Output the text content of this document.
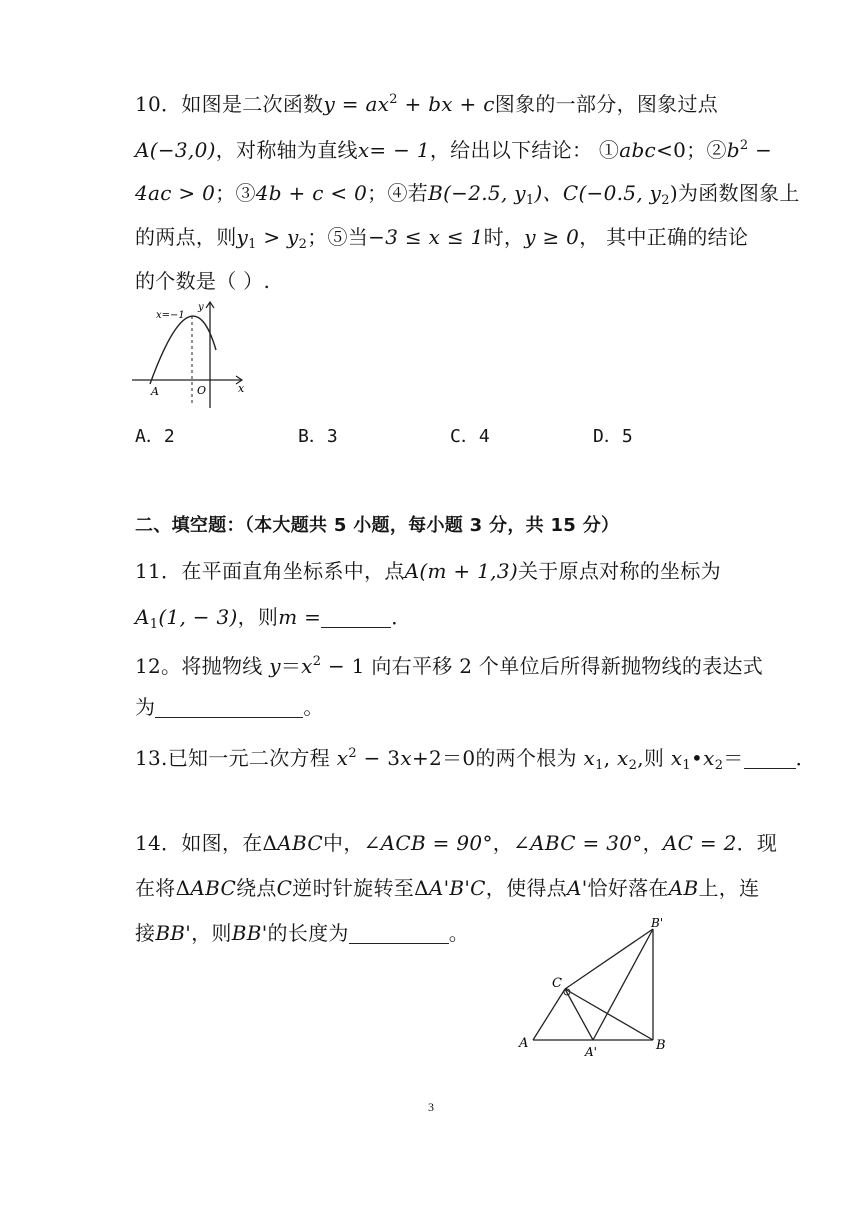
10．如图是二次函数$y = ax^2$ + bx + c图象的一部分，图象过点
A(−3,0)，对称轴为直线x= − 1，给出以下结论： ①abc<0；$②b^2$ −
4ac > 0；③4b + c < 0；④若B(−2.5, $y_1$)、C(−0.5, $y_2$)为函数图象上
的两点，则$y_1 > y_2$；⑤当−3 ≤ x ≤ 1时，y ≥ 0， 其中正确的结论
的个数是（ ）.
x=−1
y
x
O
A
A．2	B．3	C．4	D．5
二、填空题：（本大题共 5 小题，每小题 3 分，共 15 分）
11．在平面直角坐标系中，点A(m + 1,3)关于原点对称的坐标为
$A_1(1$, − 3)，则m =	．
12。将抛物线 $y=x^2 - 1$ 向右平移 2 个单位后所得新抛物线的表达式
为	。
13.已知一元二次方程 $x^2 - 3x+2=0$的两个根为 $x_1$, $x_2$,则 $x_1•x_2=$	．
14．如图，在ΔABC中，∠ACB = 90°，∠ABC = 30°，AC = 2．现
在将ΔABC绕点C逆时针旋转至ΔA'B'C，使得点A'恰好落在AB上，连
接BB'，则BB'的长度为	。
A	B
C
A'
B'
3
